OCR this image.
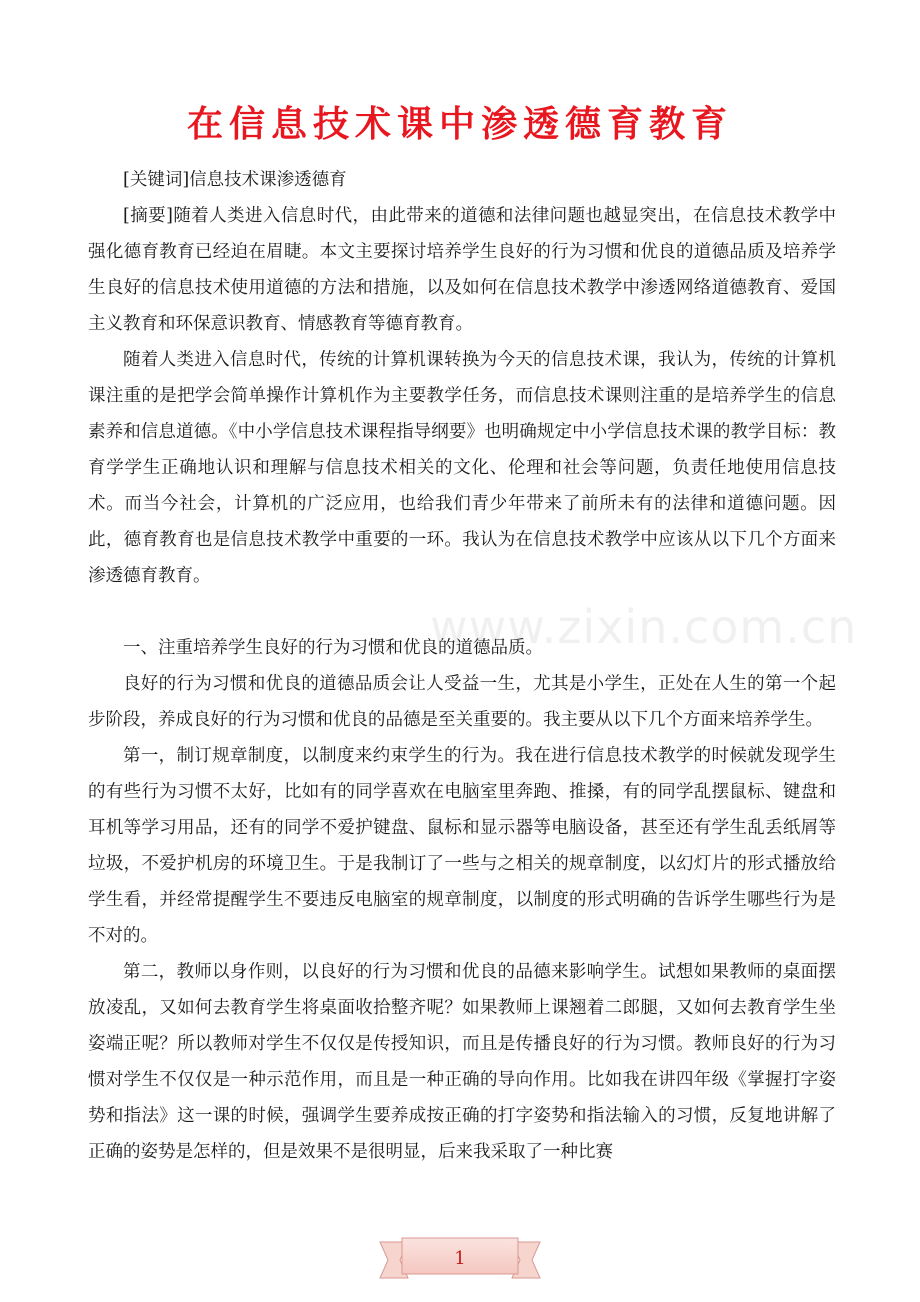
在信息技术课中渗透德育教育

[关键词]信息技术课渗透德育

[摘要]随着人类进入信息时代，由此带来的道德和法律问题也越显突出，在信息技术教学中强化德育教育已经迫在眉睫。本文主要探讨培养学生良好的行为习惯和优良的道德品质及培养学生良好的信息技术使用道德的方法和措施，以及如何在信息技术教学中渗透网络道德教育、爱国主义教育和环保意识教育、情感教育等德育教育。

随着人类进入信息时代，传统的计算机课转换为今天的信息技术课，我认为，传统的计算机课注重的是把学会简单操作计算机作为主要教学任务，而信息技术课则注重的是培养学生的信息素养和信息道德。《中小学信息技术课程指导纲要》也明确规定中小学信息技术课的教学目标：教育学学生正确地认识和理解与信息技术相关的文化、伦理和社会等问题，负责任地使用信息技术。而当今社会，计算机的广泛应用，也给我们青少年带来了前所未有的法律和道德问题。因此，德育教育也是信息技术教学中重要的一环。我认为在信息技术教学中应该从以下几个方面来渗透德育教育。

一、注重培养学生良好的行为习惯和优良的道德品质。

良好的行为习惯和优良的道德品质会让人受益一生，尤其是小学生，正处在人生的第一个起步阶段，养成良好的行为习惯和优良的品德是至关重要的。我主要从以下几个方面来培养学生。

第一，制订规章制度，以制度来约束学生的行为。我在进行信息技术教学的时候就发现学生的有些行为习惯不太好，比如有的同学喜欢在电脑室里奔跑、推搡，有的同学乱摆鼠标、键盘和耳机等学习用品，还有的同学不爱护键盘、鼠标和显示器等电脑设备，甚至还有学生乱丢纸屑等垃圾，不爱护机房的环境卫生。于是我制订了一些与之相关的规章制度，以幻灯片的形式播放给学生看，并经常提醒学生不要违反电脑室的规章制度，以制度的形式明确的告诉学生哪些行为是不对的。

第二，教师以身作则，以良好的行为习惯和优良的品德来影响学生。试想如果教师的桌面摆放凌乱，又如何去教育学生将桌面收拾整齐呢？如果教师上课翘着二郎腿，又如何去教育学生坐姿端正呢？所以教师对学生不仅仅是传授知识，而且是传播良好的行为习惯。教师良好的行为习惯对学生不仅仅是一种示范作用，而且是一种正确的导向作用。比如我在讲四年级《掌握打字姿势和指法》这一课的时候，强调学生要养成按正确的打字姿势和指法输入的习惯，反复地讲解了正确的姿势是怎样的，但是效果不是很明显，后来我采取了一种比赛

www.zixin.com.cn
1
